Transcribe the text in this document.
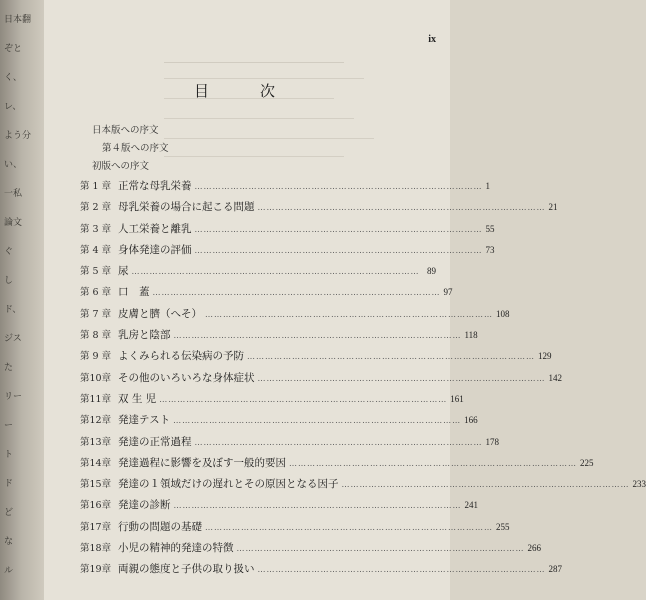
日本翻
ぞと
く、
レ、
よう分
い、
一私
論文
ぐ
し
ド、
ジス
た
リー
ー
ト
ド
ど
な
ル
ix
目　次
日本版への序文
第４版への序文
初版への序文
第 1 章 正常な母乳栄養 …………………………………………………………………………………… 1
第 2 章 母乳栄養の場合に起こる問題 …………………………………………………………………………………… 21
第 3 章 人工栄養と離乳 …………………………………………………………………………………… 55
第 4 章 身体発達の評価 …………………………………………………………………………………… 73
第 5 章 尿 …………………………………………………………………………………… 89
第 6 章 口　蓋 …………………………………………………………………………………… 97
第 7 章 皮膚と臍（へそ） …………………………………………………………………………………… 108
第 8 章 乳房と陰部 …………………………………………………………………………………… 118
第 9 章 よくみられる伝染病の予防 …………………………………………………………………………………… 129
第10章 その他のいろいろな身体症状 …………………………………………………………………………………… 142
第11章 双 生 児 …………………………………………………………………………………… 161
第12章 発達テスト …………………………………………………………………………………… 166
第13章 発達の正常過程 …………………………………………………………………………………… 178
第14章 発達過程に影響を及ぼす一般的要因 …………………………………………………………………………………… 225
第15章 発達の１領域だけの遅れとその原因となる因子 …………………………………………………………………………………… 233
第16章 発達の診断 …………………………………………………………………………………… 241
第17章 行動の問題の基礎 …………………………………………………………………………………… 255
第18章 小児の精神的発達の特徴 …………………………………………………………………………………… 266
第19章 両親の態度と子供の取り扱い …………………………………………………………………………………… 287
